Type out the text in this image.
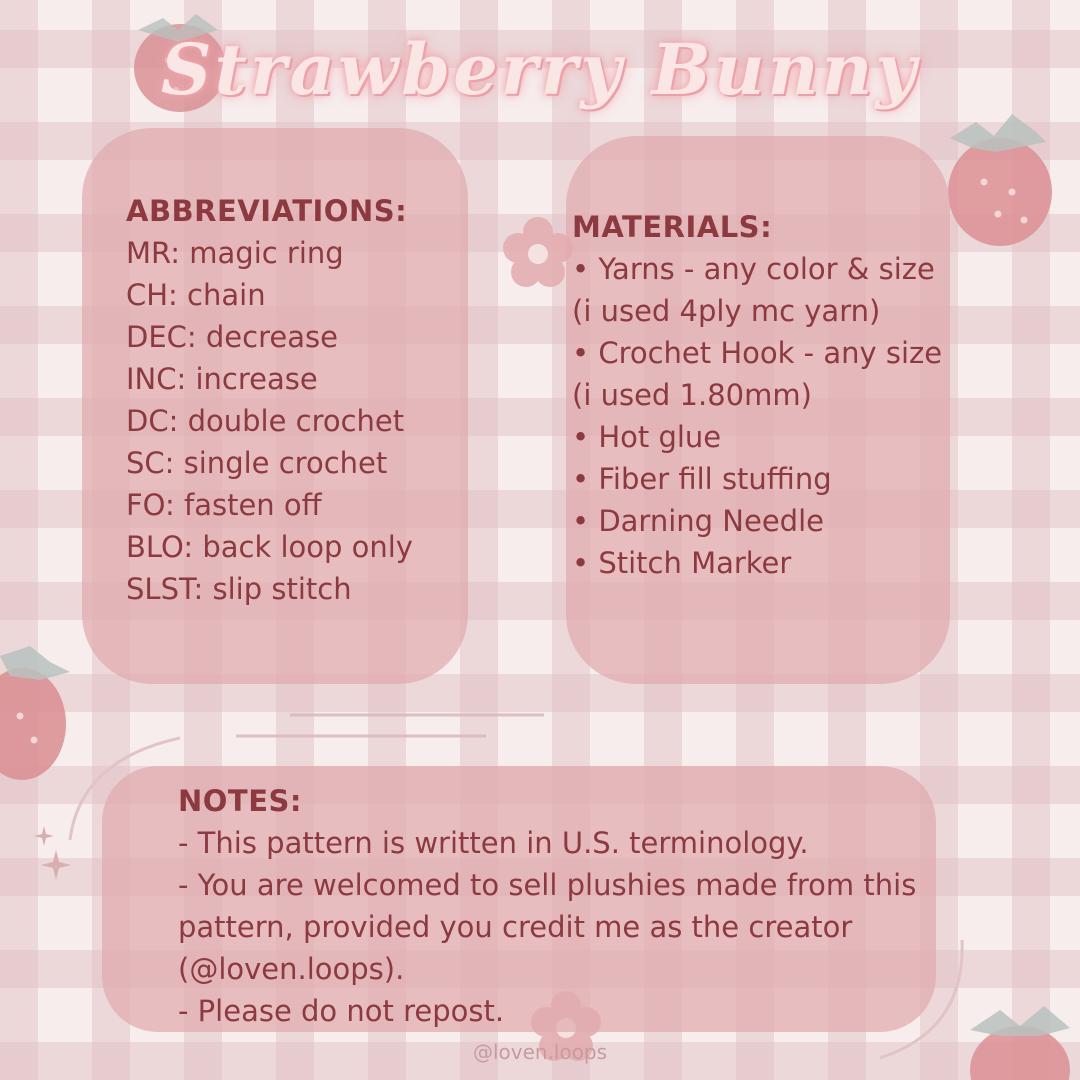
Strawberry Bunny
ABBREVIATIONS:
MR: magic ring
CH: chain
DEC: decrease
INC: increase
DC: double crochet
SC: single crochet
FO: fasten off
BLO: back loop only
SLST: slip stitch
MATERIALS:
• Yarns - any color & size
(i used 4ply mc yarn)
• Crochet Hook - any size
(i used 1.80mm)
• Hot glue
• Fiber fill stuffing
• Darning Needle
• Stitch Marker
NOTES:
- This pattern is written in U.S. terminology.
- You are welcomed to sell plushies made from this
pattern, provided you credit me as the creator
(@loven.loops).
- Please do not repost.
@loven.loops
